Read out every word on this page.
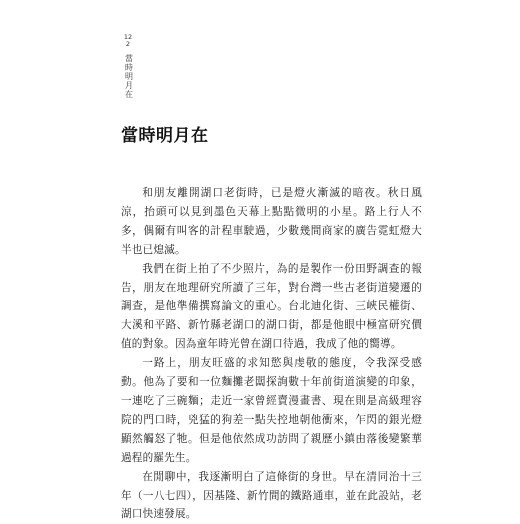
122
當時明月在
當時明月在

和朋友離開湖口老街時，已是燈火漸滅的暗夜。秋日風涼，抬頭可以見到墨色天幕上點點微明的小星。路上行人不多，偶爾有叫客的計程車駛過，少數幾間商家的廣告霓虹燈大半也已熄滅。

我們在街上拍了不少照片，為的是製作一份田野調查的報告，朋友在地理研究所讀了三年，對台灣一些古老街道變遷的調查，是他準備撰寫論文的重心。台北迪化街、三峽民權街、大溪和平路、新竹縣老湖口的湖口街，都是他眼中極富研究價值的對象。因為童年時光曾在湖口待過，我成了他的嚮導。

一路上，朋友旺盛的求知慾與虔敬的態度，令我深受感動。他為了要和一位麵攤老闆探詢數十年前街道演變的印象，一連吃了三碗麵；走近一家曾經賣漫畫書、現在則是高級理容院的門口時，兇猛的狗差一點失控地朝他衝來，乍閃的銀光燈顯然觸怒了牠。但是他依然成功訪問了親歷小鎮由落後變繁華過程的羅先生。

在閒聊中，我逐漸明白了這條街的身世。早在清同治十三年（一八七四），因基隆、新竹間的鐵路通車，並在此設站，老湖口快速發展。
